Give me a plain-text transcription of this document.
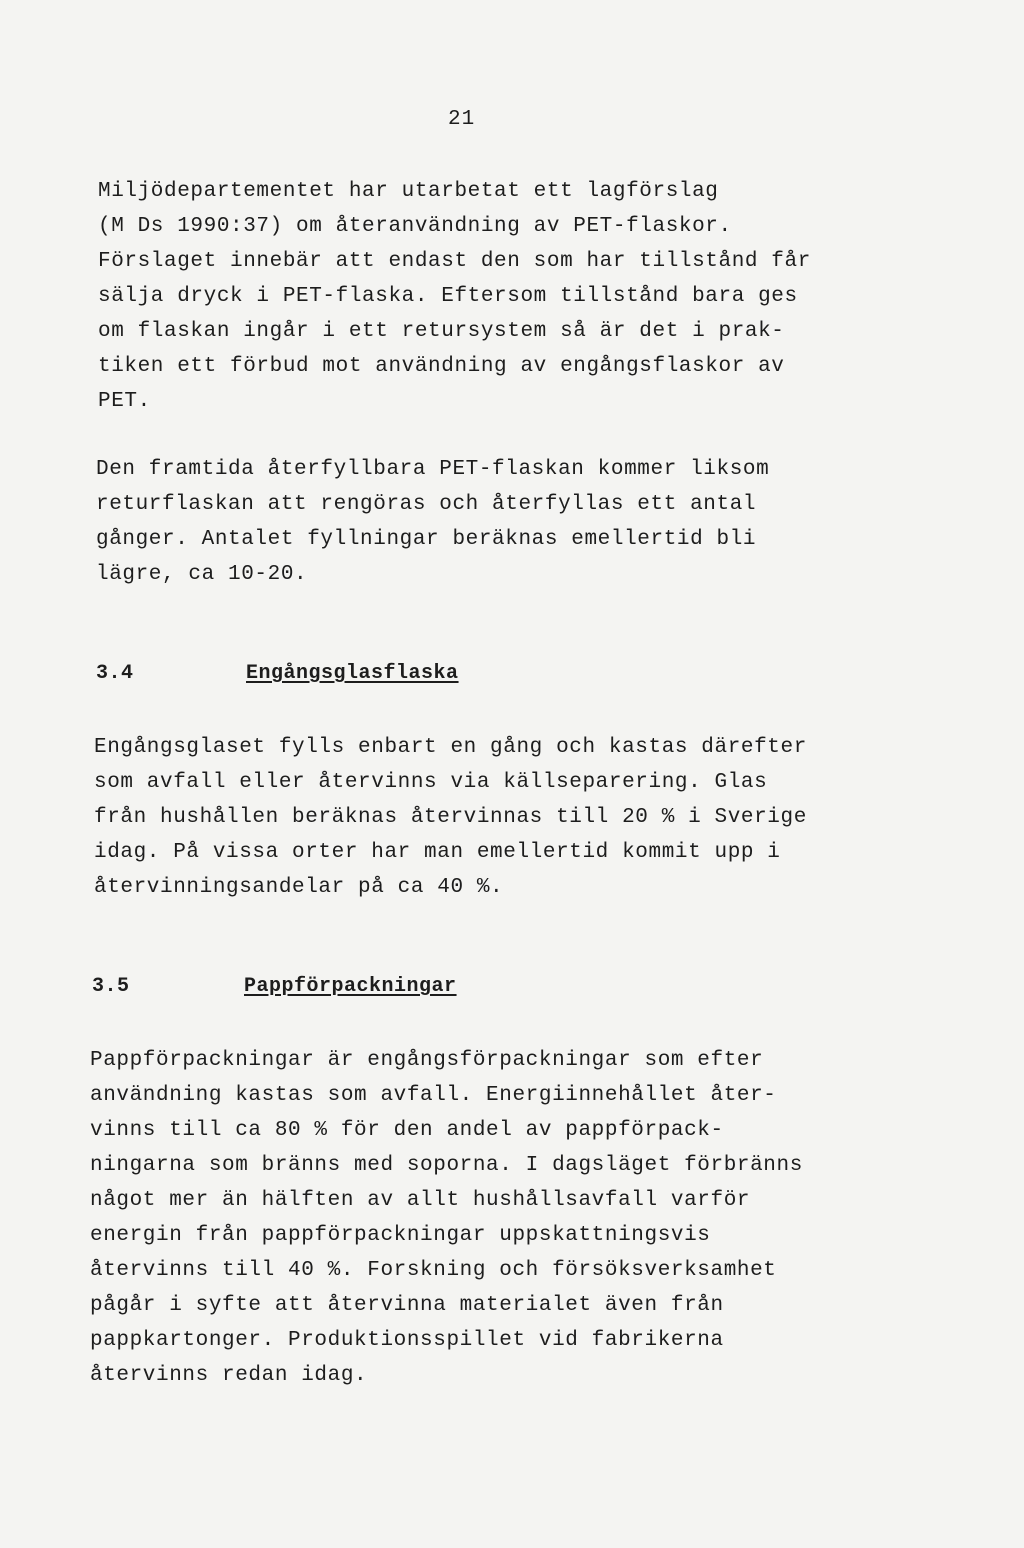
21
Miljödepartementet har utarbetat ett lagförslag
(M Ds 1990:37) om återanvändning av PET-flaskor.
Förslaget innebär att endast den som har tillstånd får
sälja dryck i PET-flaska. Eftersom tillstånd bara ges
om flaskan ingår i ett retursystem så är det i prak-
tiken ett förbud mot användning av engångsflaskor av
PET.
Den framtida återfyllbara PET-flaskan kommer liksom
returflaskan att rengöras och återfyllas ett antal
gånger. Antalet fyllningar beräknas emellertid bli
lägre, ca 10-20.
3.4	Engångsglasflaska
Engångsglaset fylls enbart en gång och kastas därefter
som avfall eller återvinns via källseparering. Glas
från hushållen beräknas återvinnas till 20 % i Sverige
idag. På vissa orter har man emellertid kommit upp i
återvinningsandelar på ca 40 %.
3.5	Pappförpackningar
Pappförpackningar är engångsförpackningar som efter
användning kastas som avfall. Energiinnehållet åter-
vinns till ca 80 % för den andel av pappförpack-
ningarna som bränns med soporna. I dagsläget förbränns
något mer än hälften av allt hushållsavfall varför
energin från pappförpackningar uppskattningsvis
återvinns till 40 %. Forskning och försöksverksamhet
pågår i syfte att återvinna materialet även från
pappkartonger. Produktionsspillet vid fabrikerna
återvinns redan idag.
